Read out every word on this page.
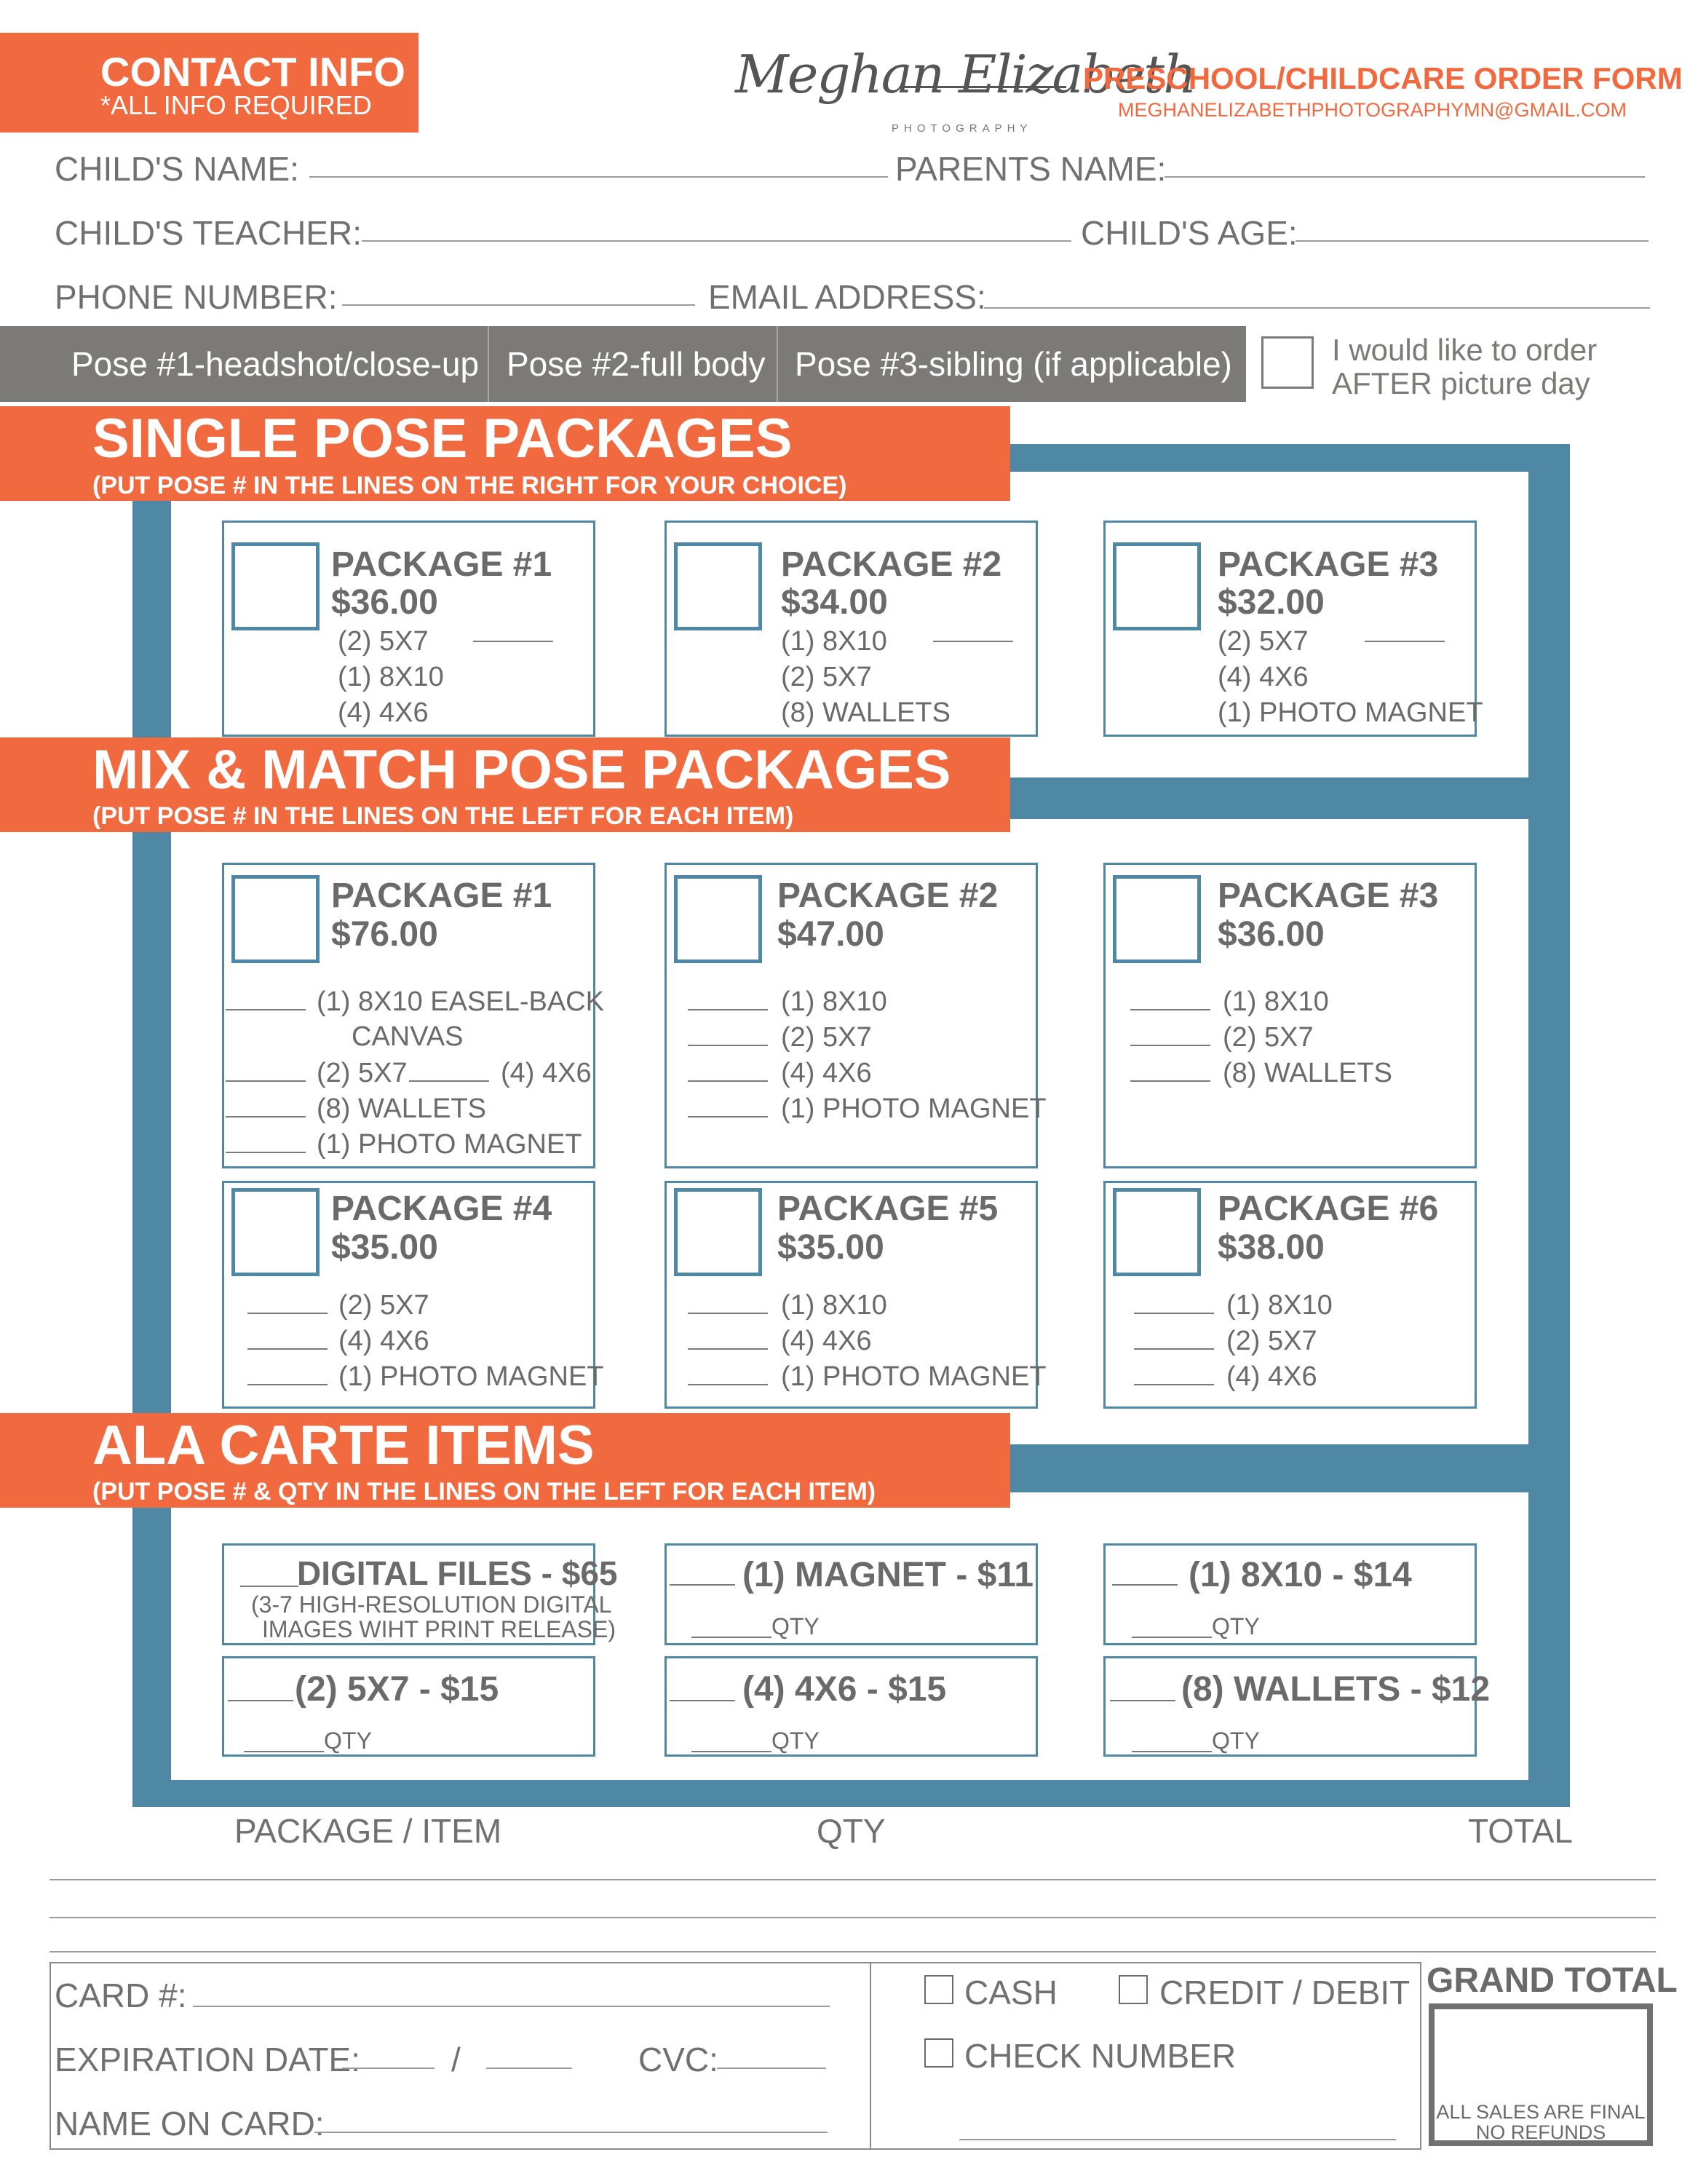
CONTACT INFO
*ALL INFO REQUIRED
Meghan Elizabeth
PHOTOGRAPHY
PRESCHOOL/CHILDCARE ORDER FORM
MEGHANELIZABETHPHOTOGRAPHYMN@GMAIL.COM
CHILD'S NAME:	PARENTS NAME:
CHILD'S TEACHER:	CHILD'S AGE:
PHONE NUMBER:	EMAIL ADDRESS:
Pose #1-headshot/close-up Pose #2-full body Pose #3-sibling (if applicable)	I would like to order
AFTER picture day
SINGLE POSE PACKAGES
(PUT POSE # IN THE LINES ON THE RIGHT FOR YOUR CHOICE)
PACKAGE #1
$36.00
(2) 5X7
(1) 8X10
(4) 4X6
PACKAGE #2
$34.00
(1) 8X10
(2) 5X7
(8) WALLETS
PACKAGE #3
$32.00
(2) 5X7
(4) 4X6
(1) PHOTO MAGNET
MIX & MATCH POSE PACKAGES
(PUT POSE # IN THE LINES ON THE LEFT FOR EACH ITEM)
PACKAGE #1
$76.00
(1) 8X10 EASEL-BACK
CANVAS
(2) 5X7	(4) 4X6
(8) WALLETS
(1) PHOTO MAGNET
PACKAGE #2
$47.00
(1) 8X10
(2) 5X7
(4) 4X6
(1) PHOTO MAGNET
PACKAGE #3
$36.00
(1) 8X10
(2) 5X7
(8) WALLETS
PACKAGE #4
$35.00
(2) 5X7
(4) 4X6
(1) PHOTO MAGNET
PACKAGE #5
$35.00
(1) 8X10
(4) 4X6
(1) PHOTO MAGNET
PACKAGE #6
$38.00
(1) 8X10
(2) 5X7
(4) 4X6
ALA CARTE ITEMS
(PUT POSE # & QTY IN THE LINES ON THE LEFT FOR EACH ITEM)
DIGITAL FILES - $65
(3-7 HIGH-RESOLUTION DIGITAL
IMAGES WIHT PRINT RELEASE)
(1) MAGNET - $11
QTY
(1) 8X10 - $14
QTY
(2) 5X7 - $15
QTY
(4) 4X6 - $15
QTY
(8) WALLETS - $12
QTY
PACKAGE / ITEM	QTY	TOTAL
CARD #:
EXPIRATION DATE:	/	CVC:
NAME ON CARD:
CASH	CREDIT / DEBIT
CHECK NUMBER
GRAND TOTAL
ALL SALES ARE FINAL
NO REFUNDS
